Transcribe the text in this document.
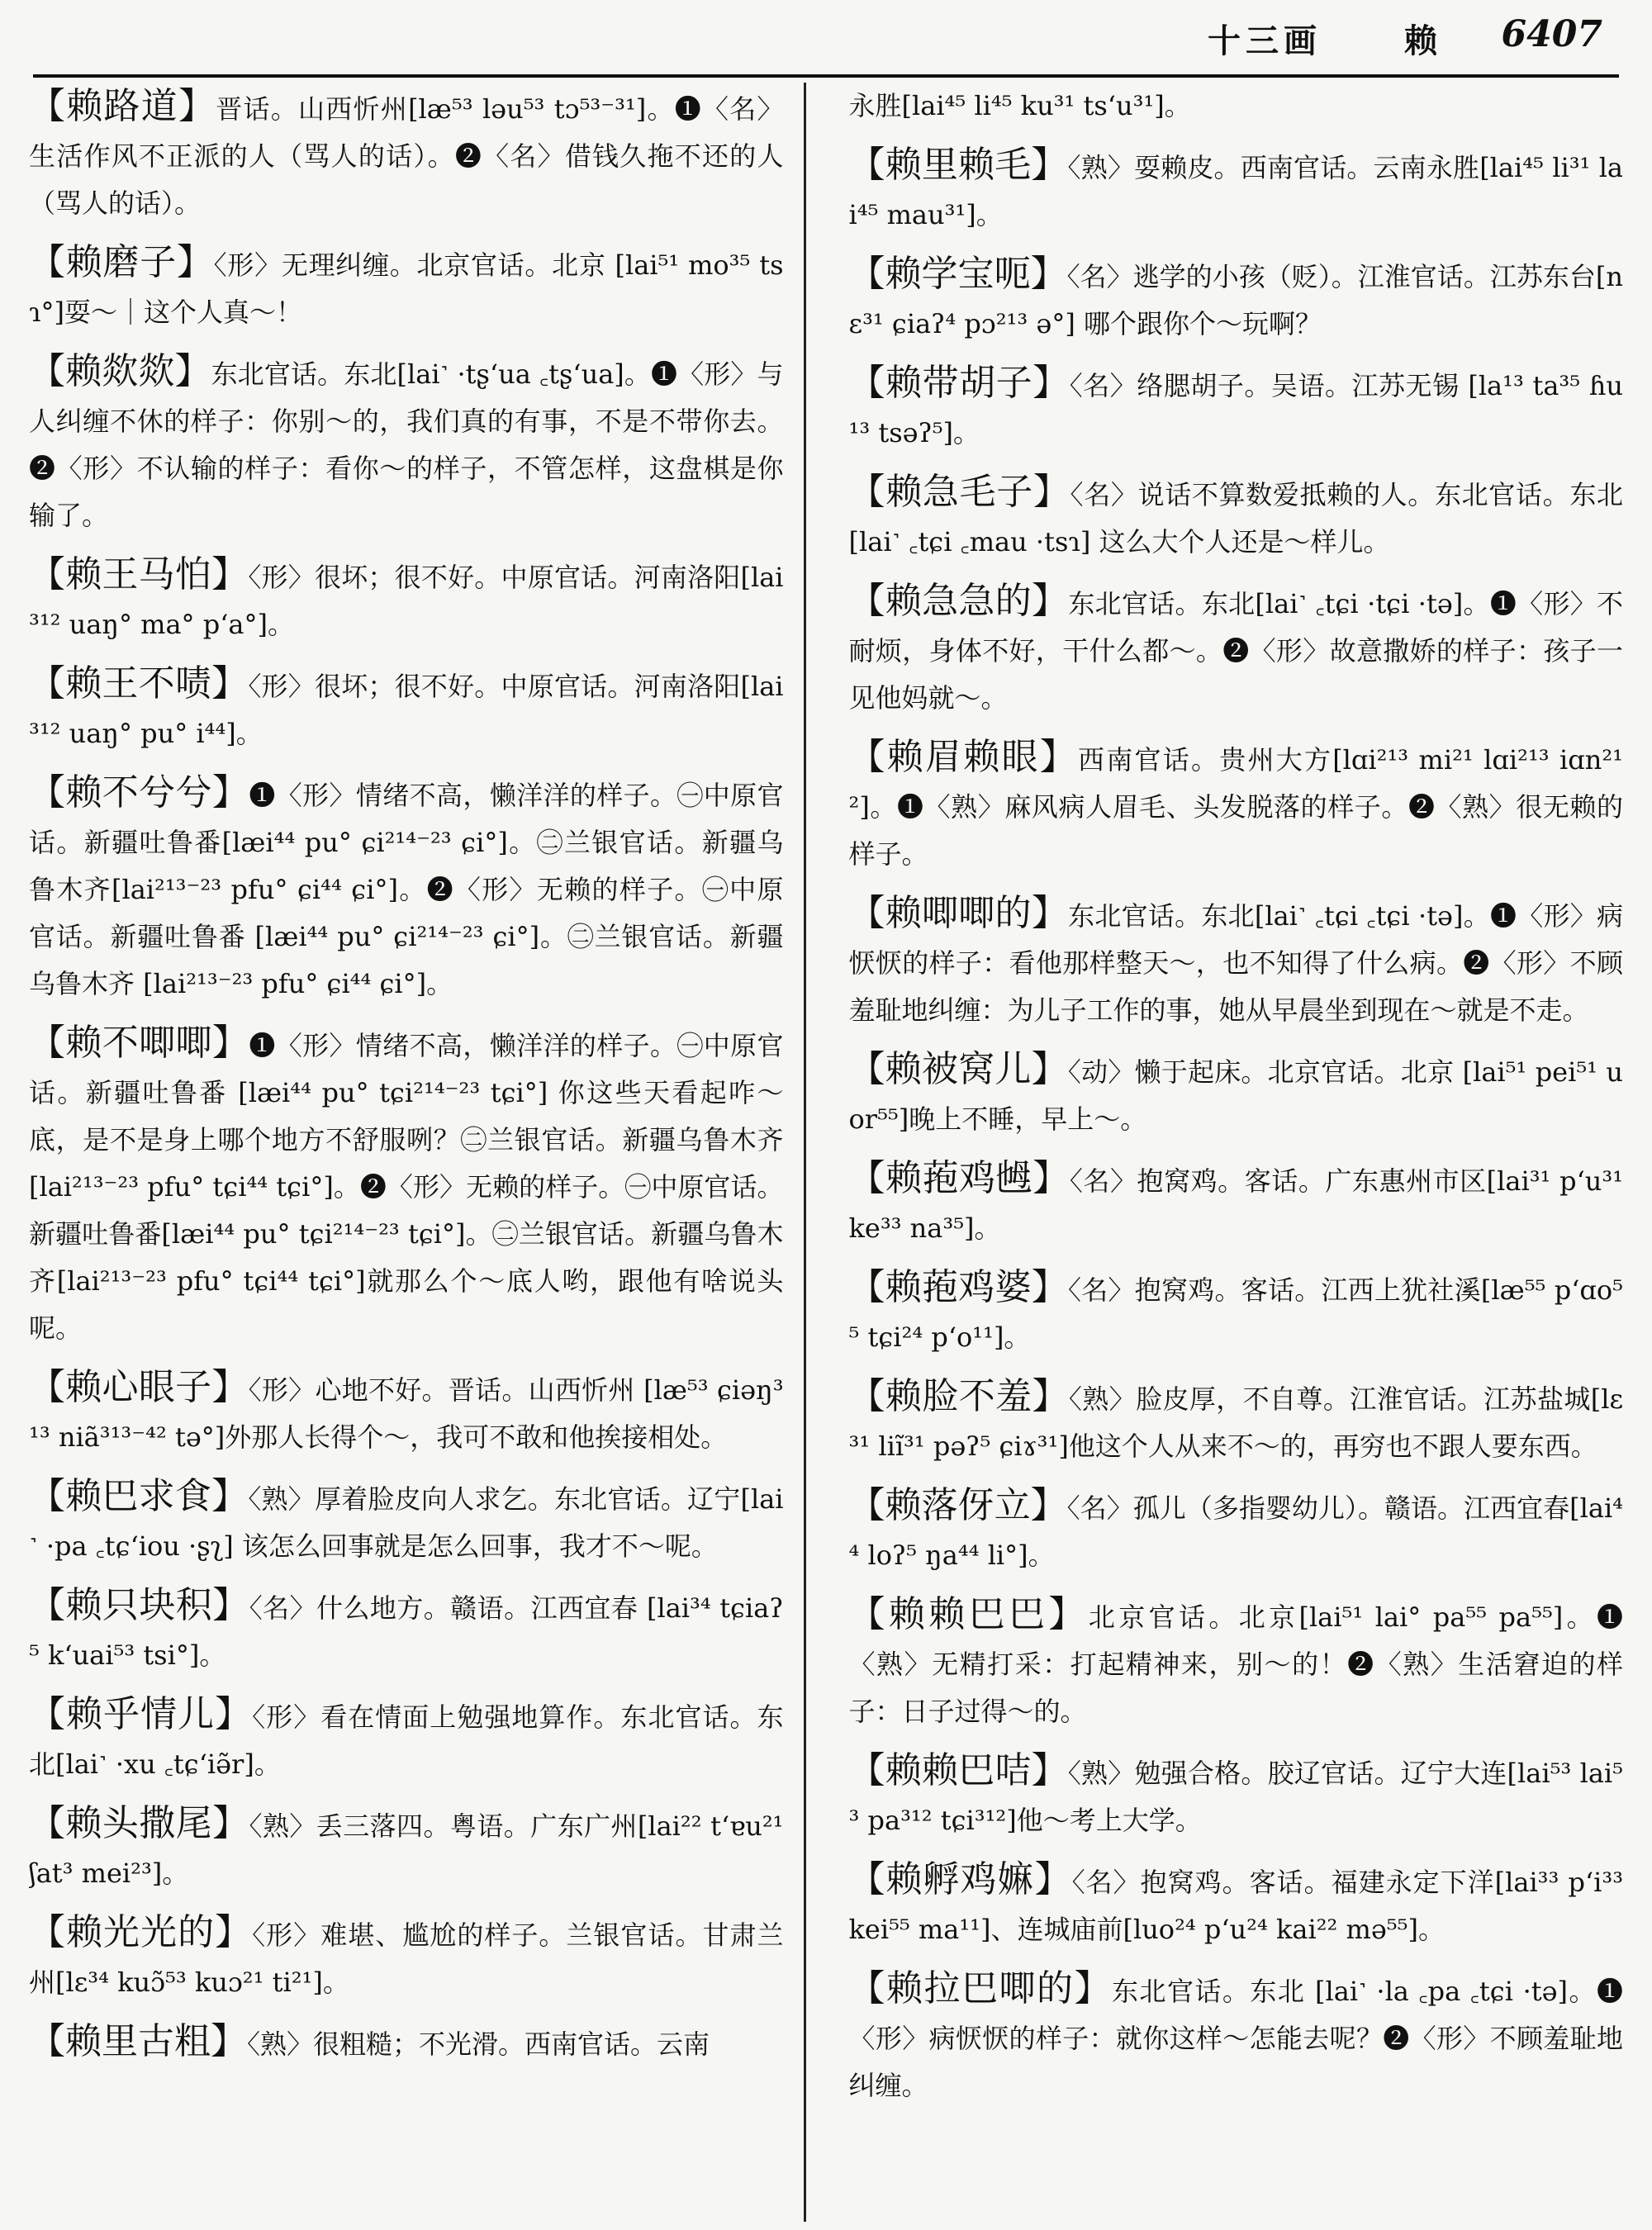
十三画	赖 6407
【赖路道】晋话。山西忻州[læ⁵³ ləu⁵³ tɔ⁵³⁻³¹]。❶〈名〉生活作风不正派的人（骂人的话）。❷〈名〉借钱久拖不还的人（骂人的话）。
【赖磨子】〈形〉无理纠缠。北京官话。北京 [lai⁵¹ mo³⁵ tsɿ°]耍～｜这个人真～！
【赖欻欻】东北官话。东北[lai˺ ·tʂʻua ꜀tʂʻua]。❶〈形〉与人纠缠不休的样子：你别～的，我们真的有事，不是不带你去。❷〈形〉不认输的样子：看你～的样子，不管怎样，这盘棋是你输了。
【赖王马怕】〈形〉很坏；很不好。中原官话。河南洛阳[lai³¹² uaŋ° ma° pʻa°]。
【赖王不啧】〈形〉很坏；很不好。中原官话。河南洛阳[lai³¹² uaŋ° pu° i⁴⁴]。
【赖不兮兮】❶〈形〉情绪不高，懒洋洋的样子。㊀中原官话。新疆吐鲁番[læi⁴⁴ pu° ɕi²¹⁴⁻²³ ɕi°]。㊁兰银官话。新疆乌鲁木齐[lai²¹³⁻²³ pfu° ɕi⁴⁴ ɕi°]。❷〈形〉无赖的样子。㊀中原官话。新疆吐鲁番 [læi⁴⁴ pu° ɕi²¹⁴⁻²³ ɕi°]。㊁兰银官话。新疆乌鲁木齐 [lai²¹³⁻²³ pfu° ɕi⁴⁴ ɕi°]。
【赖不唧唧】❶〈形〉情绪不高，懒洋洋的样子。㊀中原官话。新疆吐鲁番 [læi⁴⁴ pu° tɕi²¹⁴⁻²³ tɕi°] 你这些天看起咋～底，是不是身上哪个地方不舒服咧？㊁兰银官话。新疆乌鲁木齐[lai²¹³⁻²³ pfu° tɕi⁴⁴ tɕi°]。❷〈形〉无赖的样子。㊀中原官话。新疆吐鲁番[læi⁴⁴ pu° tɕi²¹⁴⁻²³ tɕi°]。㊁兰银官话。新疆乌鲁木齐[lai²¹³⁻²³ pfu° tɕi⁴⁴ tɕi°]就那么个～底人哟，跟他有啥说头呢。
【赖心眼子】〈形〉心地不好。晋话。山西忻州 [læ⁵³ ɕiəŋ³¹³ niã³¹³⁻⁴² tə°]外那人长得个～，我可不敢和他挨接相处。
【赖巴求食】〈熟〉厚着脸皮向人求乞。东北官话。辽宁[lai˺ ·pa ꜀tɕʻiou ·ʂʅ] 该怎么回事就是怎么回事，我才不～呢。
【赖只块积】〈名〉什么地方。赣语。江西宜春 [lai³⁴ tɕiaʔ⁵ kʻuai⁵³ tsi°]。
【赖乎情儿】〈形〉看在情面上勉强地算作。东北官话。东北[lai˺ ·xu ꜀tɕʻiə̃r]。
【赖头撒尾】〈熟〉丢三落四。粤语。广东广州[lai²² tʻɐu²¹ ʃat³ mei²³]。
【赖光光的】〈形〉难堪、尴尬的样子。兰银官话。甘肃兰州[lɛ³⁴ kuɔ̃⁵³ kuɔ²¹ ti²¹]。
【赖里古粗】〈熟〉很粗糙；不光滑。西南官话。云南
永胜[lai⁴⁵ li⁴⁵ ku³¹ tsʻu³¹]。
【赖里赖毛】〈熟〉耍赖皮。西南官话。云南永胜[lai⁴⁵ li³¹ lai⁴⁵ mau³¹]。
【赖学宝呃】〈名〉逃学的小孩（贬）。江淮官话。江苏东台[nɛ³¹ ɕiaʔ⁴ pɔ²¹³ ə°] 哪个跟你个～玩啊？
【赖带胡子】〈名〉络腮胡子。吴语。江苏无锡 [la¹³ ta³⁵ ɦu¹³ tsəʔ⁵]。
【赖急毛子】〈名〉说话不算数爱抵赖的人。东北官话。东北[lai˺ ꜀tɕi ꜀mau ·tsɿ] 这么大个人还是～样儿。
【赖急急的】东北官话。东北[lai˺ ꜀tɕi ·tɕi ·tə]。❶〈形〉不耐烦，身体不好，干什么都～。❷〈形〉故意撒娇的样子：孩子一见他妈就～。
【赖眉赖眼】西南官话。贵州大方[lɑi²¹³ mi²¹ lɑi²¹³ iɑn²¹²]。❶〈熟〉麻风病人眉毛、头发脱落的样子。❷〈熟〉很无赖的样子。
【赖唧唧的】东北官话。东北[lai˺ ꜀tɕi ꜀tɕi ·tə]。❶〈形〉病恹恹的样子：看他那样整天～，也不知得了什么病。❷〈形〉不顾羞耻地纠缠：为儿子工作的事，她从早晨坐到现在～就是不走。
【赖被窝儿】〈动〉懒于起床。北京官话。北京 [lai⁵¹ pei⁵¹ uor⁵⁵]晚上不睡，早上～。
【赖菢鸡乸】〈名〉抱窝鸡。客话。广东惠州市区[lai³¹ pʻu³¹ ke³³ na³⁵]。
【赖菢鸡婆】〈名〉抱窝鸡。客话。江西上犹社溪[læ⁵⁵ pʻɑo⁵⁵ tɕi²⁴ pʻo¹¹]。
【赖脸不羞】〈熟〉脸皮厚，不自尊。江淮官话。江苏盐城[lɛ³¹ liĩ³¹ pəʔ⁵ ɕiɤ³¹]他这个人从来不～的，再穷也不跟人要东西。
【赖落伢立】〈名〉孤儿（多指婴幼儿）。赣语。江西宜春[lai⁴⁴ loʔ⁵ ŋa⁴⁴ li°]。
【赖赖巴巴】北京官话。北京[lai⁵¹ lai° pa⁵⁵ pa⁵⁵]。❶〈熟〉无精打采：打起精神来，别～的！❷〈熟〉生活窘迫的样子：日子过得～的。
【赖赖巴咭】〈熟〉勉强合格。胶辽官话。辽宁大连[lai⁵³ lai⁵³ pa³¹² tɕi³¹²]他～考上大学。
【赖孵鸡嫲】〈名〉抱窝鸡。客话。福建永定下洋[lai³³ pʻi³³ kei⁵⁵ ma¹¹]、连城庙前[luo²⁴ pʻu²⁴ kai²² mə⁵⁵]。
【赖拉巴唧的】东北官话。东北 [lai˺ ·la ꜀pa ꜀tɕi ·tə]。❶〈形〉病恹恹的样子：就你这样～怎能去呢？❷〈形〉不顾羞耻地纠缠。
